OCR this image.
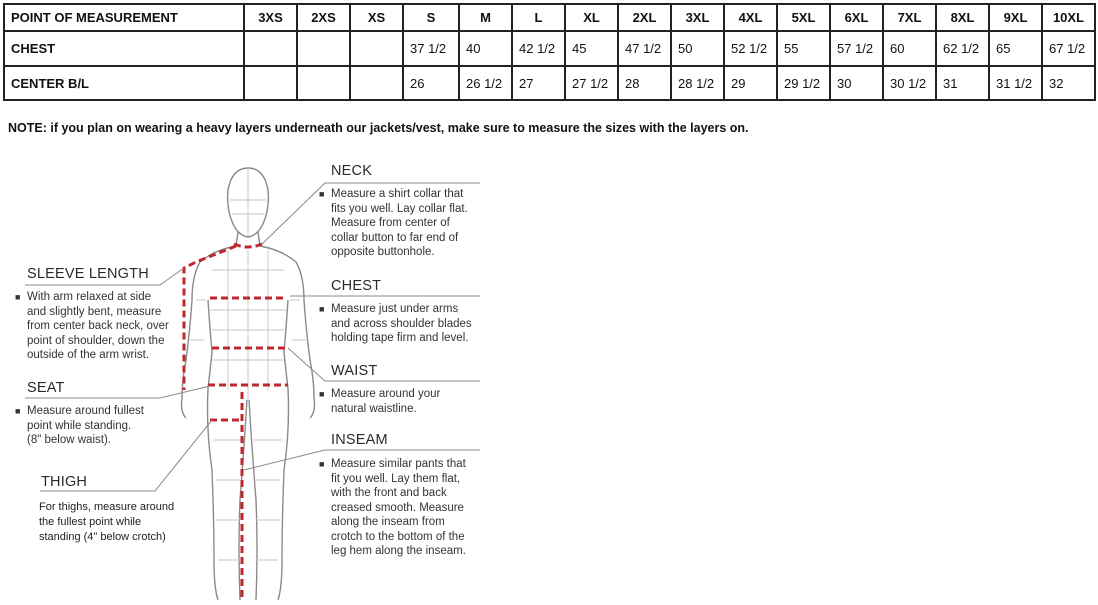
POINT OF MEASUREMENT	3XS	2XS	XS	S	M	L	XL	2XL	3XL	4XL	5XL	6XL	7XL	8XL	9XL	10XL
CHEST				37 1/2	40	42 1/2	45	47 1/2	50	52 1/2	55	57 1/2	60	62 1/2	65	67 1/2
CENTER B/L				26	26 1/2	27	27 1/2	28	28 1/2	29	29 1/2	30	30 1/2	31	31 1/2	32
NOTE: if you plan on wearing a heavy layers underneath our jackets/vest, make sure to measure the sizes with the layers on.
NECK
■ Measure a shirt collar that

fits you well. Lay collar flat.

Measure from center of

collar button to far end of

opposite buttonhole.

CHEST
■ Measure just under arms

and across shoulder blades

holding tape firm and level.

WAIST
■ Measure around your

natural waistline.

INSEAM
■ Measure similar pants that

fit you well. Lay them flat,

with the front and back

creased smooth. Measure

along the inseam from

crotch to the bottom of the

leg hem along the inseam.

SLEEVE LENGTH
■ With arm relaxed at side

and slightly bent, measure

from center back neck, over

point of shoulder, down the

outside of the arm wrist.

SEAT
■ Measure around fullest

point while standing.

(8" below waist).

THIGH

For thighs, measure around

the fullest point while

standing (4" below crotch)
